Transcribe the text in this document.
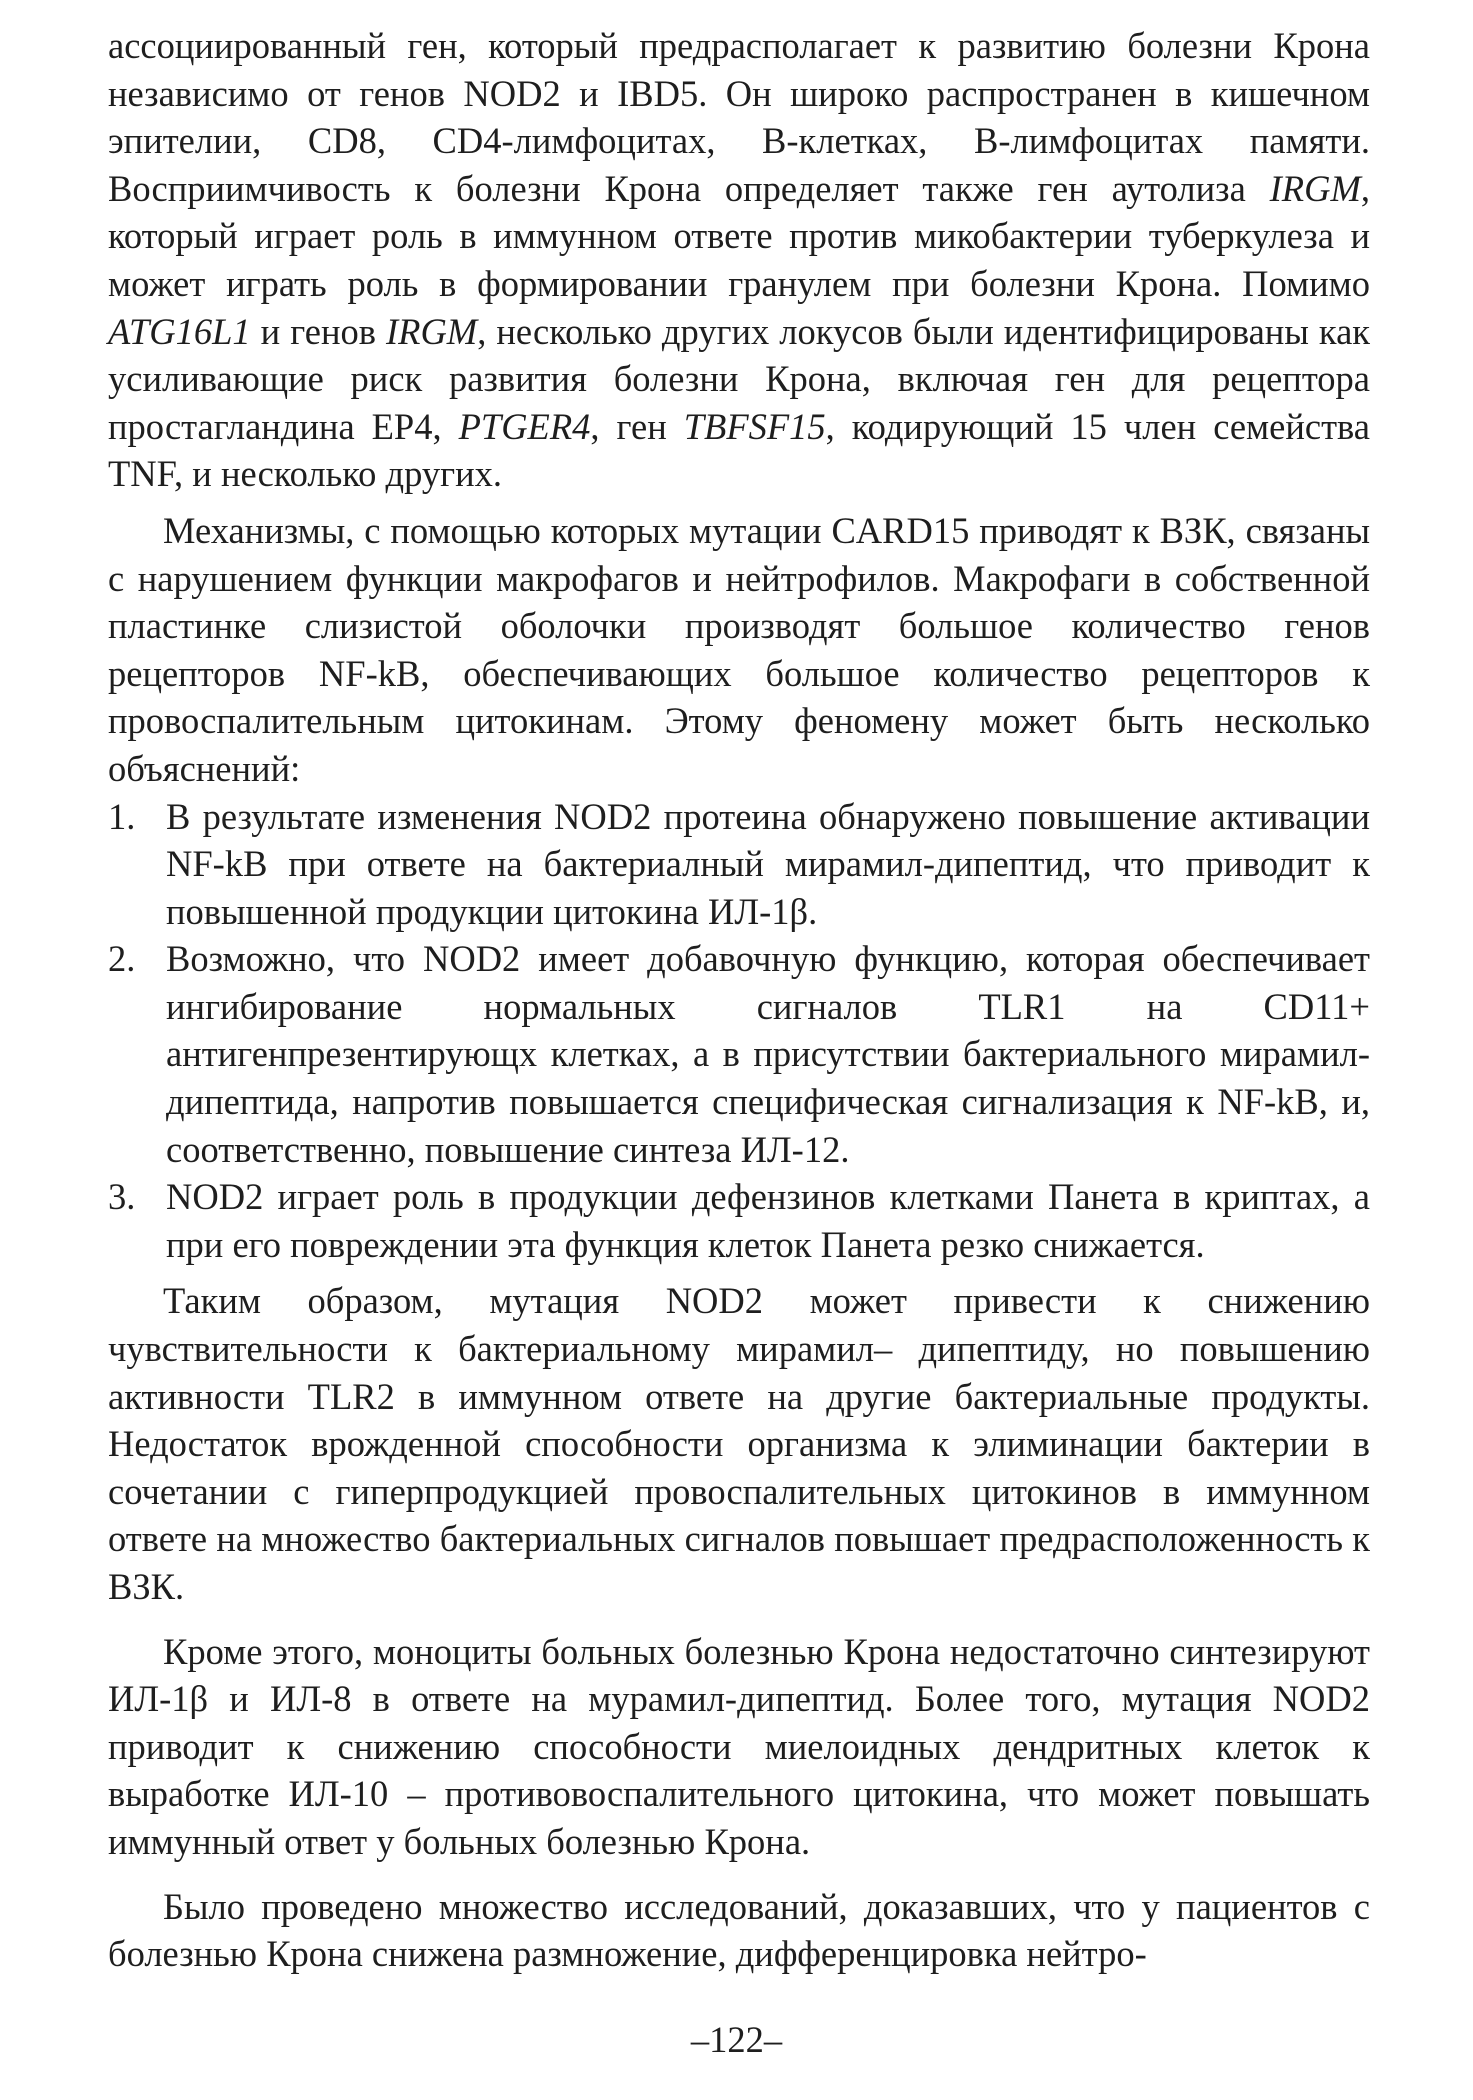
ассоциированный ген, который предрасполагает к развитию болезни Крона независимо от генов NOD2 и IBD5. Он широко распространен в кишечном эпителии, CD8, CD4-лимфоцитах, В-клетках, В-лимфоцитах памяти. Восприимчивость к болезни Крона определяет также ген аутолиза IRGM, который играет роль в иммунном ответе против микобактерии туберкулеза и может играть роль в формировании гранулем при болезни Крона. Помимо ATG16L1 и генов IRGM, несколько других локусов были идентифицированы как усиливающие риск развития болезни Крона, включая ген для рецептора простагландина ЕР4, PTGER4, ген TBFSF15, кодирующий 15 член семейства TNF, и несколько других.

Механизмы, с помощью которых мутации CARD15 приводят к ВЗК, связаны с нарушением функции макрофагов и нейтрофилов. Макрофаги в собственной пластинке слизистой оболочки производят большое количество генов рецепторов NF-kB, обеспечивающих большое количество рецепторов к провоспалительным цитокинам. Этому феномену может быть несколько объяснений:

1. В результате изменения NOD2 протеина обнаружено повышение активации NF-kB при ответе на бактериалный мирамил-дипептид, что приводит к повышенной продукции цитокина ИЛ-1β.
2. Возможно, что NOD2 имеет добавочную функцию, которая обеспечивает ингибирование нормальных сигналов TLR1 на CD11+ антигенпрезентирующх клетках, а в присутствии бактериального мирамил-дипептида, напротив повышается специфическая сигнализация к NF-kB, и, соответственно, повышение синтеза ИЛ-12.
3. NOD2 играет роль в продукции дефензинов клетками Панета в криптах, а при его повреждении эта функция клеток Панета резко снижается.

Таким образом, мутация NOD2 может привести к снижению чувствительности к бактериальному мирамил– дипептиду, но повышению активности TLR2 в иммунном ответе на другие бактериальные продукты. Недостаток врожденной способности организма к элиминации бактерии в сочетании с гиперпродукцией провоспалительных цитокинов в иммунном ответе на множество бактериальных сигналов повышает предрасположенность к ВЗК.

Кроме этого, моноциты больных болезнью Крона недостаточно синтезируют ИЛ-1β и ИЛ-8 в ответе на мурамил-дипептид. Более того, мутация NOD2 приводит к снижению способности миелоидных дендритных клеток к выработке ИЛ-10 – противовоспалительного цитокина, что может повышать иммунный ответ у больных болезнью Крона.

Было проведено множество исследований, доказавших, что у пациентов с болезнью Крона снижена размножение, дифференцировка нейтро-

–122–
